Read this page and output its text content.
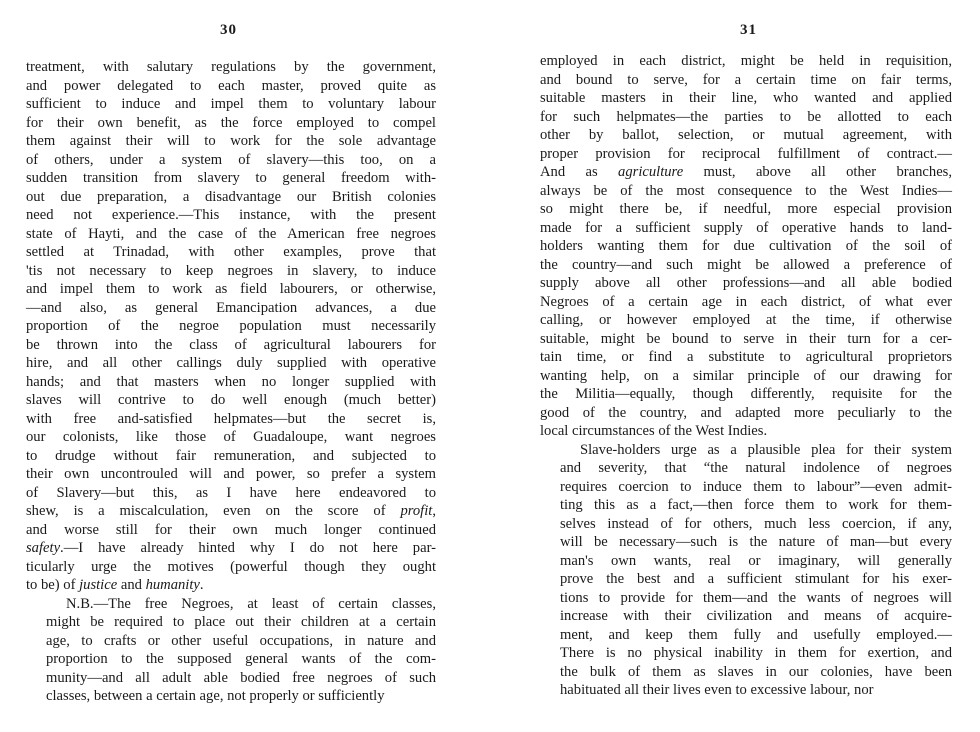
30

treatment, with salutary regulations by the government,
and power delegated to each master, proved quite as
sufficient to induce and impel them to voluntary labour
for their own benefit, as the force employed to compel
them against their will to work for the sole advantage
of others, under a system of slavery—this too, on a
sudden transition from slavery to general freedom with-
out due preparation, a disadvantage our British colonies
need not experience.—This instance, with the present
state of Hayti, and the case of the American free negroes
settled at Trinadad, with other examples, prove that
'tis not necessary to keep negroes in slavery, to induce
and impel them to work as field labourers, or otherwise,
—and also, as general Emancipation advances, a due
proportion of the negroe population must necessarily
be thrown into the class of agricultural labourers for
hire, and all other callings duly supplied with operative
hands; and that masters when no longer supplied with
slaves will contrive to do well enough (much better)
with free and-satisfied helpmates—but the secret is,
our colonists, like those of Guadaloupe, want negroes
to drudge without fair remuneration, and subjected to
their own uncontrouled will and power, so prefer a system
of Slavery—but this, as I have here endeavored to
shew, is a miscalculation, even on the score of profit,
and worse still for their own much longer continued
safety.—I have already hinted why I do not here par-
ticularly urge the motives (powerful though they ought
to be) of justice and humanity.

N.B.—The free Negroes, at least of certain classes,
might be required to place out their children at a certain
age, to crafts or other useful occupations, in nature and
proportion to the supposed general wants of the com-
munity—and all adult able bodied free negroes of such
classes, between a certain age, not properly or sufficiently

31

employed in each district, might be held in requisition,
and bound to serve, for a certain time on fair terms,
suitable masters in their line, who wanted and applied
for such helpmates—the parties to be allotted to each
other by ballot, selection, or mutual agreement, with
proper provision for reciprocal fulfillment of contract.—
And as agriculture must, above all other branches,
always be of the most consequence to the West Indies—
so might there be, if needful, more especial provision
made for a sufficient supply of operative hands to land-
holders wanting them for due cultivation of the soil of
the country—and such might be allowed a preference of
supply above all other professions—and all able bodied
Negroes of a certain age in each district, of what ever
calling, or however employed at the time, if otherwise
suitable, might be bound to serve in their turn for a cer-
tain time, or find a substitute to agricultural proprietors
wanting help, on a similar principle of our drawing for
the Militia—equally, though differently, requisite for the
good of the country, and adapted more peculiarly to the
local circumstances of the West Indies.

Slave-holders urge as a plausible plea for their system
and severity, that “the natural indolence of negroes
requires coercion to induce them to labour”—even admit-
ting this as a fact,—then force them to work for them-
selves instead of for others, much less coercion, if any,
will be necessary—such is the nature of man—but every
man's own wants, real or imaginary, will generally
prove the best and a sufficient stimulant for his exer-
tions to provide for them—and the wants of negroes will
increase with their civilization and means of acquire-
ment, and keep them fully and usefully employed.—
There is no physical inability in them for exertion, and
the bulk of them as slaves in our colonies, have been
habituated all their lives even to excessive labour, nor
